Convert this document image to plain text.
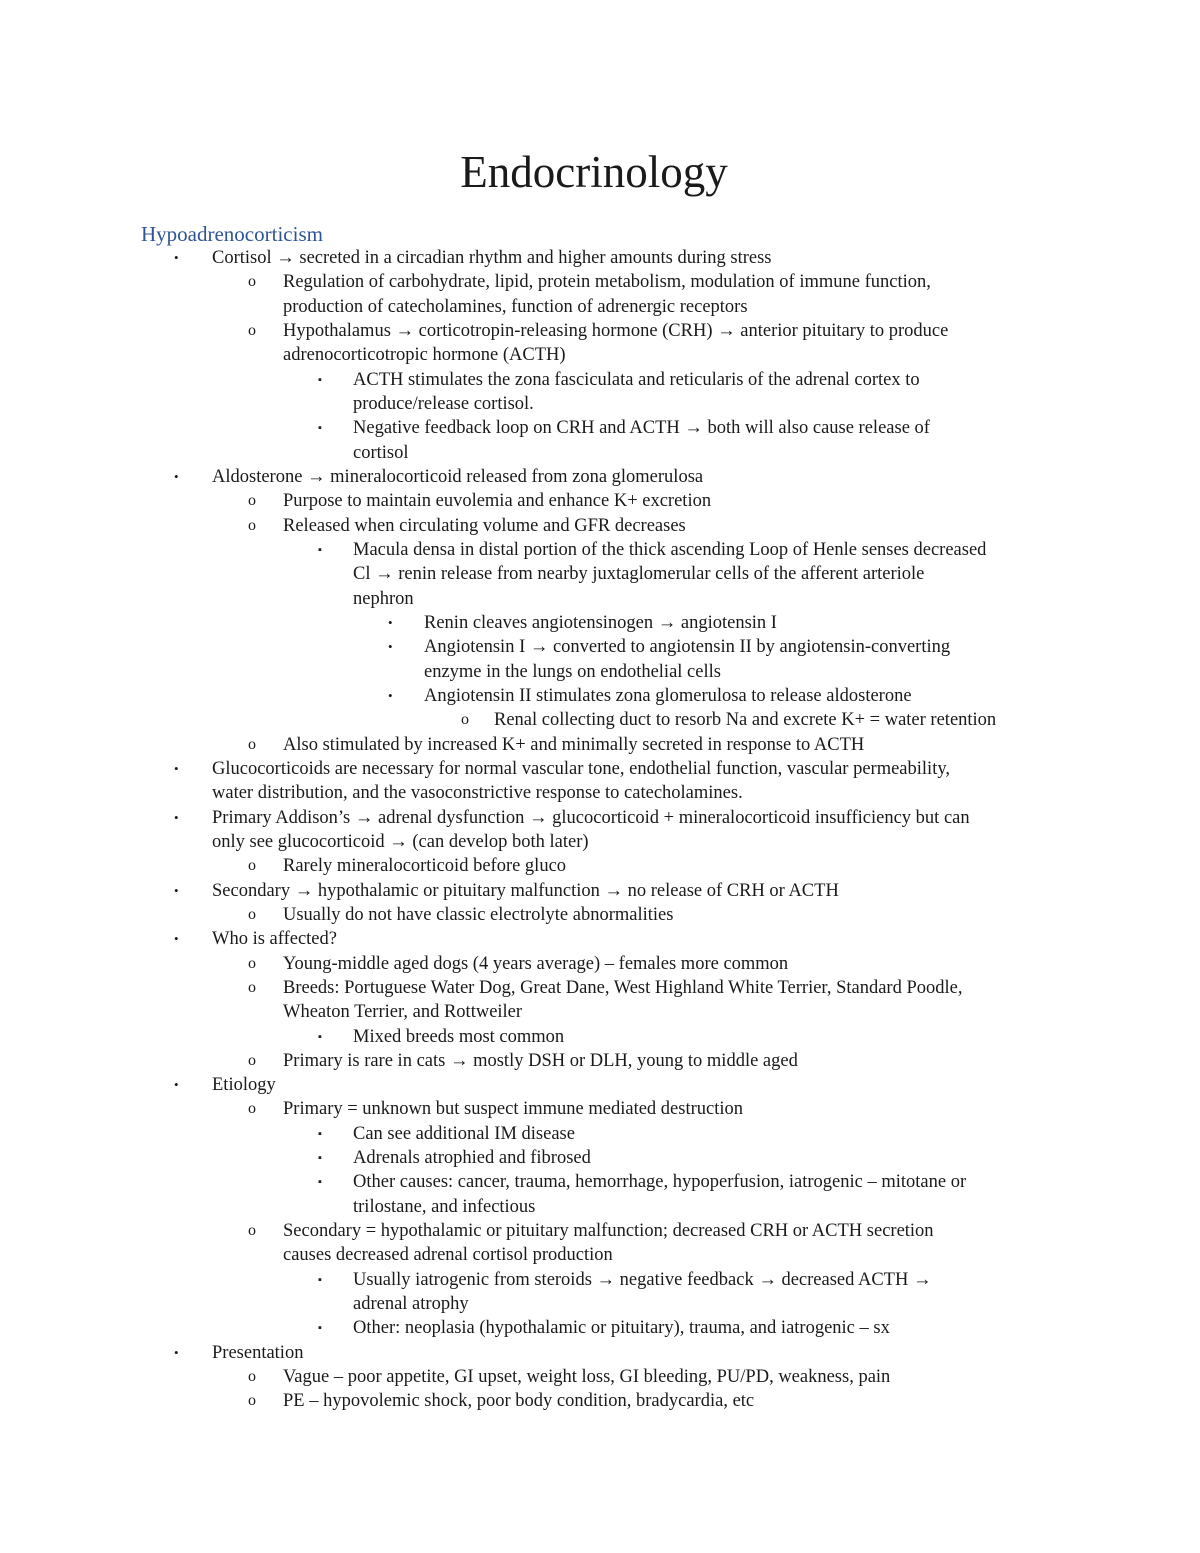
Endocrinology
Hypoadrenocorticism
• Cortisol → secreted in a circadian rhythm and higher amounts during stress
o Regulation of carbohydrate, lipid, protein metabolism, modulation of immune function,
production of catecholamines, function of adrenergic receptors
o Hypothalamus → corticotropin-releasing hormone (CRH) → anterior pituitary to produce
adrenocorticotropic hormone (ACTH)
▪ ACTH stimulates the zona fasciculata and reticularis of the adrenal cortex to
produce/release cortisol.
▪ Negative feedback loop on CRH and ACTH → both will also cause release of
cortisol
• Aldosterone → mineralocorticoid released from zona glomerulosa
o Purpose to maintain euvolemia and enhance K+ excretion
o Released when circulating volume and GFR decreases
▪ Macula densa in distal portion of the thick ascending Loop of Henle senses decreased
Cl → renin release from nearby juxtaglomerular cells of the afferent arteriole
nephron
• Renin cleaves angiotensinogen → angiotensin I
• Angiotensin I → converted to angiotensin II by angiotensin-converting
enzyme in the lungs on endothelial cells
• Angiotensin II stimulates zona glomerulosa to release aldosterone
o Renal collecting duct to resorb Na and excrete K+ = water retention
o Also stimulated by increased K+ and minimally secreted in response to ACTH
• Glucocorticoids are necessary for normal vascular tone, endothelial function, vascular permeability,
water distribution, and the vasoconstrictive response to catecholamines.
• Primary Addison’s → adrenal dysfunction → glucocorticoid + mineralocorticoid insufficiency but can
only see glucocorticoid → (can develop both later)
o Rarely mineralocorticoid before gluco
• Secondary → hypothalamic or pituitary malfunction → no release of CRH or ACTH
o Usually do not have classic electrolyte abnormalities
• Who is affected?
o Young-middle aged dogs (4 years average) – females more common
o Breeds: Portuguese Water Dog, Great Dane, West Highland White Terrier, Standard Poodle,
Wheaton Terrier, and Rottweiler
▪ Mixed breeds most common
o Primary is rare in cats → mostly DSH or DLH, young to middle aged
• Etiology
o Primary = unknown but suspect immune mediated destruction
▪ Can see additional IM disease
▪ Adrenals atrophied and fibrosed
▪ Other causes: cancer, trauma, hemorrhage, hypoperfusion, iatrogenic – mitotane or
trilostane, and infectious
o Secondary = hypothalamic or pituitary malfunction; decreased CRH or ACTH secretion
causes decreased adrenal cortisol production
▪ Usually iatrogenic from steroids → negative feedback → decreased ACTH →
adrenal atrophy
▪ Other: neoplasia (hypothalamic or pituitary), trauma, and iatrogenic – sx
• Presentation
o Vague – poor appetite, GI upset, weight loss, GI bleeding, PU/PD, weakness, pain
o PE – hypovolemic shock, poor body condition, bradycardia, etc
